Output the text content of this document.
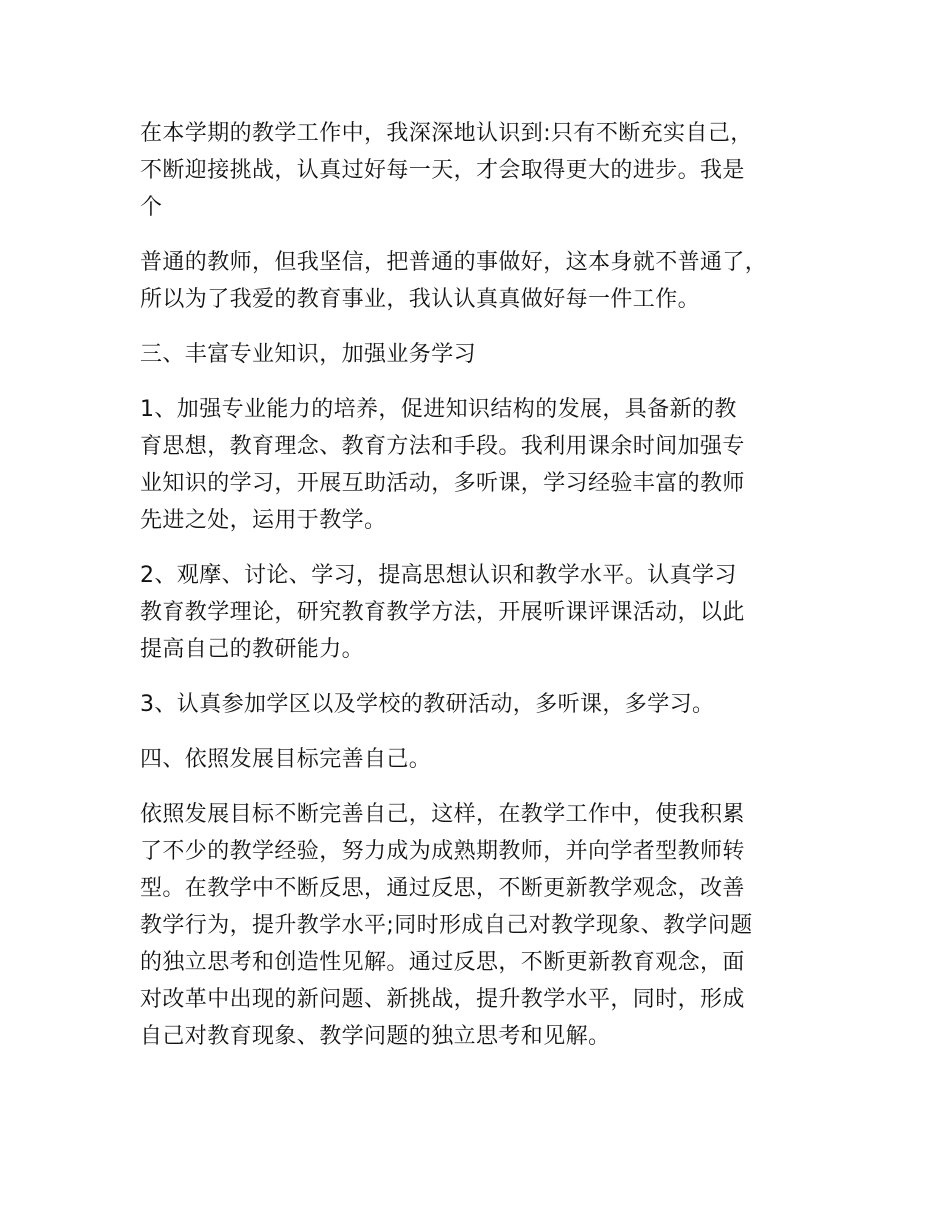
在本学期的教学工作中，我深深地认识到:只有不断充实自己，
不断迎接挑战，认真过好每一天，才会取得更大的进步。我是
个

普通的教师，但我坚信，把普通的事做好，这本身就不普通了，
所以为了我爱的教育事业，我认认真真做好每一件工作。

三、丰富专业知识，加强业务学习

1、加强专业能力的培养，促进知识结构的发展，具备新的教
育思想，教育理念、教育方法和手段。我利用课余时间加强专
业知识的学习，开展互助活动，多听课，学习经验丰富的教师
先进之处，运用于教学。

2、观摩、讨论、学习，提高思想认识和教学水平。认真学习
教育教学理论，研究教育教学方法，开展听课评课活动，以此
提高自己的教研能力。

3、认真参加学区以及学校的教研活动，多听课，多学习。

四、依照发展目标完善自己。

依照发展目标不断完善自己，这样，在教学工作中，使我积累
了不少的教学经验，努力成为成熟期教师，并向学者型教师转
型。在教学中不断反思，通过反思，不断更新教学观念，改善
教学行为，提升教学水平;同时形成自己对教学现象、教学问题
的独立思考和创造性见解。通过反思，不断更新教育观念，面
对改革中出现的新问题、新挑战，提升教学水平，同时，形成
自己对教育现象、教学问题的独立思考和见解。
